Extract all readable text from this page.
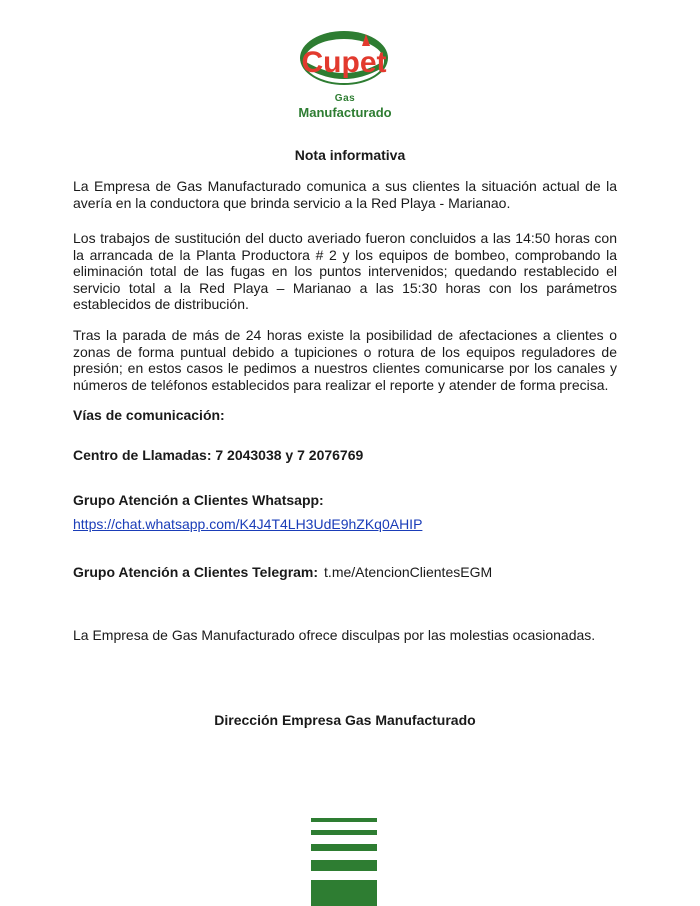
Cupet
Gas
Manufacturado
Nota informativa
La Empresa de Gas Manufacturado comunica a sus clientes la situación actual de la avería en la conductora que brinda servicio a la Red Playa - Marianao.
Los trabajos de sustitución del ducto averiado fueron concluidos a las 14:50 horas con la arrancada de la Planta Productora # 2 y los equipos de bombeo, comprobando la eliminación total de las fugas en los puntos intervenidos; quedando restablecido el servicio total a la Red Playa – Marianao a las 15:30 horas con los parámetros establecidos de distribución.
Tras la parada de más de 24 horas existe la posibilidad de afectaciones a clientes o zonas de forma puntual debido a tupiciones o rotura de los equipos reguladores de presión; en estos casos le pedimos a nuestros clientes comunicarse por los canales y números de teléfonos establecidos para realizar el reporte y atender de forma precisa.
Vías de comunicación:
Centro de Llamadas: 7 2043038 y 7 2076769
Grupo Atención a Clientes Whatsapp:
https://chat.whatsapp.com/K4J4T4LH3UdE9hZKq0AHIP
Grupo Atención a Clientes Telegram: t.me/AtencionClientesEGM
La Empresa de Gas Manufacturado ofrece disculpas por las molestias ocasionadas.
Dirección Empresa Gas Manufacturado
